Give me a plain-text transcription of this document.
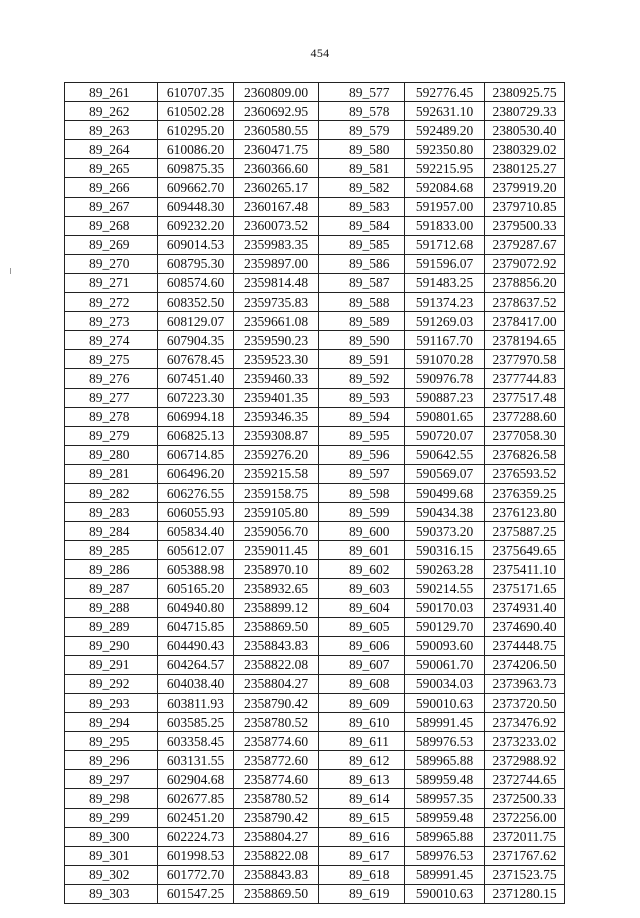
454
89_261	610707.35	2360809.00	89_577	592776.45	2380925.75
89_262	610502.28	2360692.95	89_578	592631.10	2380729.33
89_263	610295.20	2360580.55	89_579	592489.20	2380530.40
89_264	610086.20	2360471.75	89_580	592350.80	2380329.02
89_265	609875.35	2360366.60	89_581	592215.95	2380125.27
89_266	609662.70	2360265.17	89_582	592084.68	2379919.20
89_267	609448.30	2360167.48	89_583	591957.00	2379710.85
89_268	609232.20	2360073.52	89_584	591833.00	2379500.33
89_269	609014.53	2359983.35	89_585	591712.68	2379287.67
89_270	608795.30	2359897.00	89_586	591596.07	2379072.92
89_271	608574.60	2359814.48	89_587	591483.25	2378856.20
89_272	608352.50	2359735.83	89_588	591374.23	2378637.52
89_273	608129.07	2359661.08	89_589	591269.03	2378417.00
89_274	607904.35	2359590.23	89_590	591167.70	2378194.65
89_275	607678.45	2359523.30	89_591	591070.28	2377970.58
89_276	607451.40	2359460.33	89_592	590976.78	2377744.83
89_277	607223.30	2359401.35	89_593	590887.23	2377517.48
89_278	606994.18	2359346.35	89_594	590801.65	2377288.60
89_279	606825.13	2359308.87	89_595	590720.07	2377058.30
89_280	606714.85	2359276.20	89_596	590642.55	2376826.58
89_281	606496.20	2359215.58	89_597	590569.07	2376593.52
89_282	606276.55	2359158.75	89_598	590499.68	2376359.25
89_283	606055.93	2359105.80	89_599	590434.38	2376123.80
89_284	605834.40	2359056.70	89_600	590373.20	2375887.25
89_285	605612.07	2359011.45	89_601	590316.15	2375649.65
89_286	605388.98	2358970.10	89_602	590263.28	2375411.10
89_287	605165.20	2358932.65	89_603	590214.55	2375171.65
89_288	604940.80	2358899.12	89_604	590170.03	2374931.40
89_289	604715.85	2358869.50	89_605	590129.70	2374690.40
89_290	604490.43	2358843.83	89_606	590093.60	2374448.75
89_291	604264.57	2358822.08	89_607	590061.70	2374206.50
89_292	604038.40	2358804.27	89_608	590034.03	2373963.73
89_293	603811.93	2358790.42	89_609	590010.63	2373720.50
89_294	603585.25	2358780.52	89_610	589991.45	2373476.92
89_295	603358.45	2358774.60	89_611	589976.53	2373233.02
89_296	603131.55	2358772.60	89_612	589965.88	2372988.92
89_297	602904.68	2358774.60	89_613	589959.48	2372744.65
89_298	602677.85	2358780.52	89_614	589957.35	2372500.33
89_299	602451.20	2358790.42	89_615	589959.48	2372256.00
89_300	602224.73	2358804.27	89_616	589965.88	2372011.75
89_301	601998.53	2358822.08	89_617	589976.53	2371767.62
89_302	601772.70	2358843.83	89_618	589991.45	2371523.75
89_303	601547.25	2358869.50	89_619	590010.63	2371280.15
